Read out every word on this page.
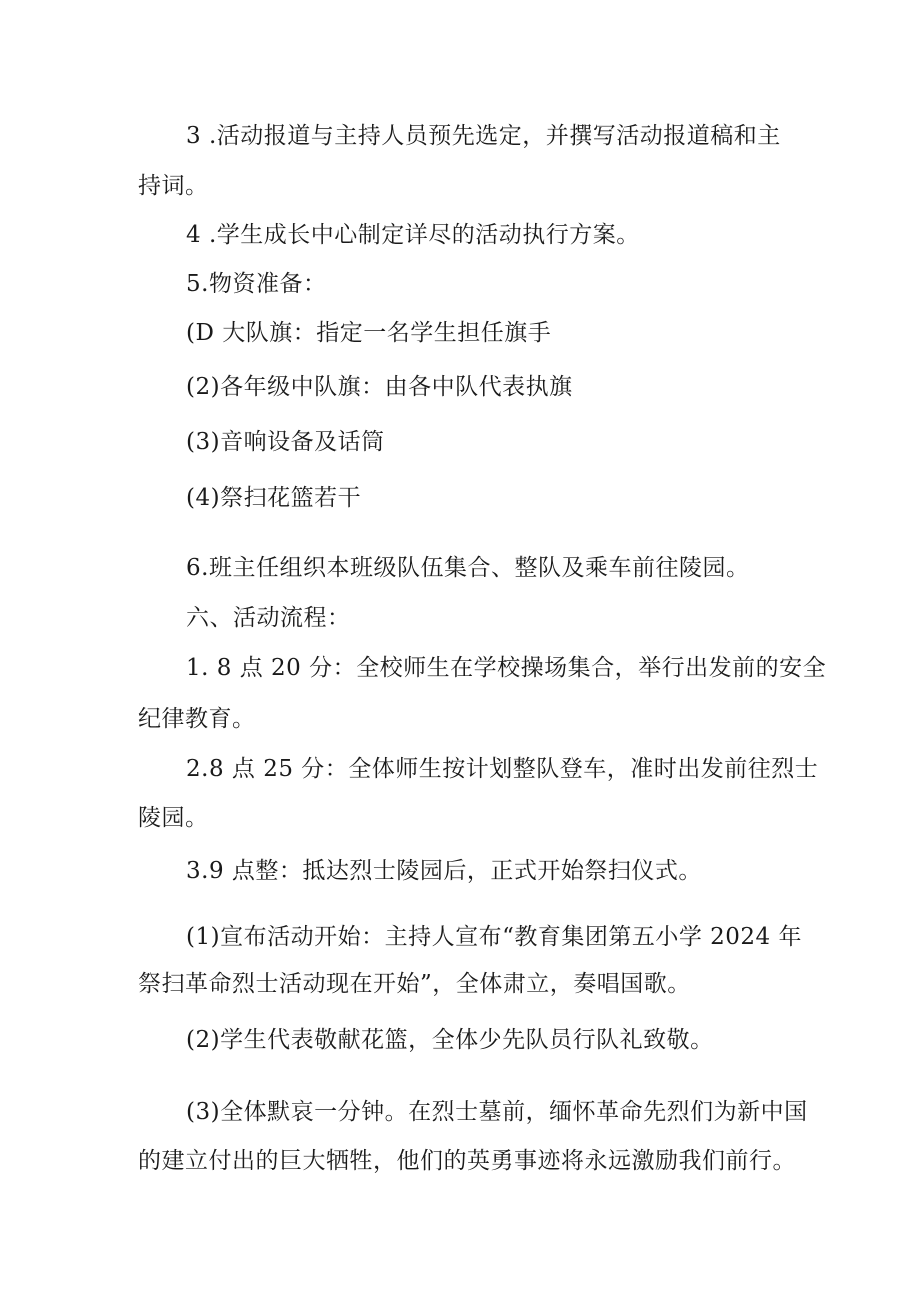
3 .活动报道与主持人员预先选定，并撰写活动报道稿和主
持词。
4 .学生成长中心制定详尽的活动执行方案。
5.物资准备：
(D 大队旗：指定一名学生担任旗手
(2)各年级中队旗：由各中队代表执旗
(3)音响设备及话筒
(4)祭扫花篮若干
6.班主任组织本班级队伍集合、整队及乘车前往陵园。
六、活动流程：
1. 8 点 20 分：全校师生在学校操场集合，举行出发前的安全
纪律教育。
2.8 点 25 分：全体师生按计划整队登车，准时出发前往烈士
陵园。
3.9 点整：抵达烈士陵园后，正式开始祭扫仪式。
(1)宣布活动开始：主持人宣布“教育集团第五小学 2024 年
祭扫革命烈士活动现在开始”，全体肃立，奏唱国歌。
(2)学生代表敬献花篮，全体少先队员行队礼致敬。
(3)全体默哀一分钟。在烈士墓前，缅怀革命先烈们为新中国
的建立付出的巨大牺牲，他们的英勇事迹将永远激励我们前行。
